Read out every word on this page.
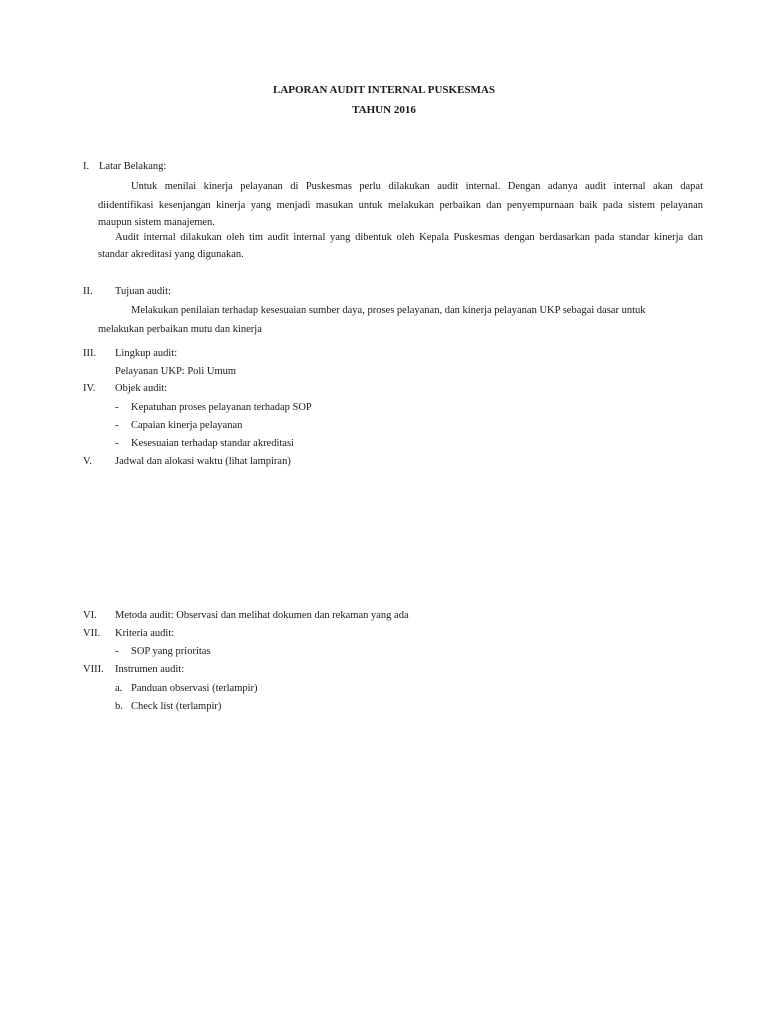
LAPORAN AUDIT INTERNAL PUSKESMAS
TAHUN 2016
I. Latar Belakang:
Untuk menilai kinerja pelayanan di Puskesmas perlu dilakukan audit internal. Dengan adanya audit internal akan dapat
diidentifikasi kesenjangan kinerja yang menjadi masukan untuk melakukan perbaikan dan penyempurnaan baik pada sistem pelayanan
maupun sistem manajemen.
Audit internal dilakukan oleh tim audit internal yang dibentuk oleh Kepala Puskesmas dengan berdasarkan pada standar kinerja dan
standar akreditasi yang digunakan.
II. Tujuan audit:
Melakukan penilaian terhadap kesesuaian sumber daya, proses pelayanan, dan kinerja pelayanan UKP sebagai dasar untuk
melakukan perbaikan mutu dan kinerja
III. Lingkup audit:
Pelayanan UKP: Poli Umum
IV. Objek audit:
- Kepatuhan proses pelayanan terhadap SOP
- Capaian kinerja pelayanan
- Kesesuaian terhadap standar akreditasi
V. Jadwal dan alokasi waktu (lihat lampiran)
VI. Metoda audit: Observasi dan melihat dokumen dan rekaman yang ada
VII. Kriteria audit:
- SOP yang prioritas
VIII. Instrumen audit:
a. Panduan observasi (terlampir)
b. Check list (terlampir)
